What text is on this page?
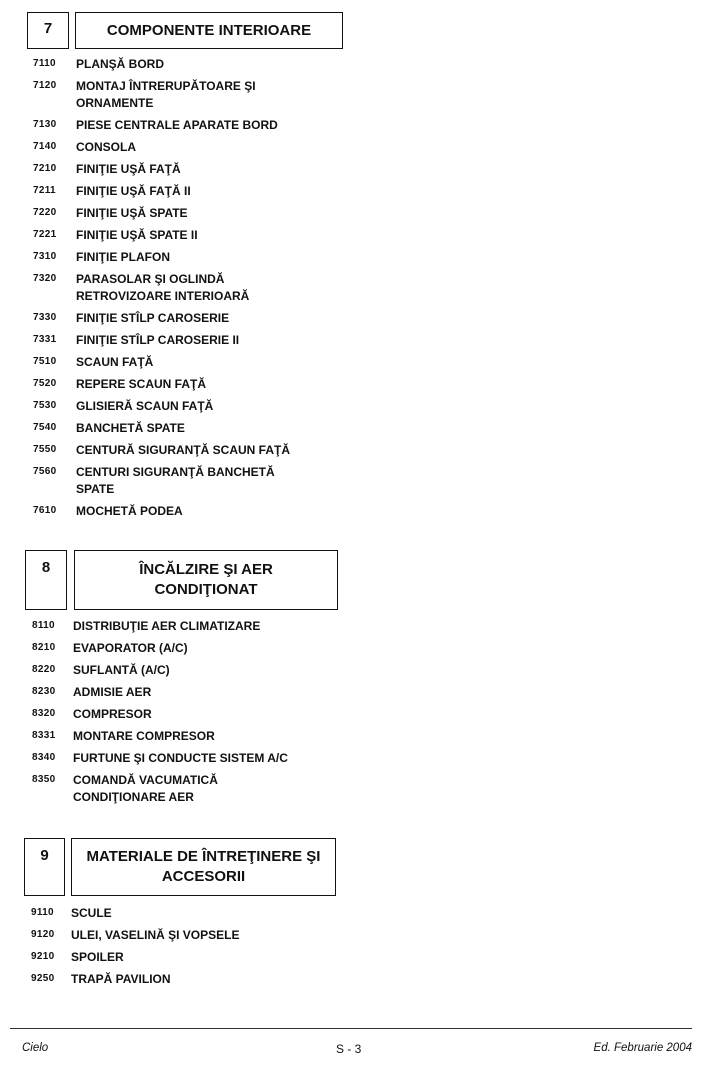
7	COMPONENTE INTERIOARE
7110 PLANŞĂ BORD
7120 MONTAJ ÎNTRERUPĂTOARE ŞI ORNAMENTE
7130 PIESE CENTRALE APARATE BORD
7140 CONSOLA
7210 FINIŢIE UŞĂ FAŢĂ
7211 FINIŢIE UŞĂ FAŢĂ II
7220 FINIŢIE UŞĂ SPATE
7221 FINIŢIE UŞĂ SPATE II
7310 FINIŢIE PLAFON
7320 PARASOLAR ŞI OGLINDĂ RETROVIZOARE INTERIOARĂ
7330 FINIŢIE STÎLP CAROSERIE
7331 FINIŢIE STÎLP CAROSERIE II
7510 SCAUN FAŢĂ
7520 REPERE SCAUN FAŢĂ
7530 GLISIERĂ SCAUN FAŢĂ
7540 BANCHETĂ SPATE
7550 CENTURĂ SIGURANŢĂ SCAUN FAŢĂ
7560 CENTURI SIGURANŢĂ BANCHETĂ SPATE
7610 MOCHETĂ PODEA
8	ÎNCĂLZIRE ŞI AER CONDIŢIONAT
8110 DISTRIBUŢIE AER CLIMATIZARE
8210 EVAPORATOR (A/C)
8220 SUFLANTĂ (A/C)
8230 ADMISIE AER
8320 COMPRESOR
8331 MONTARE COMPRESOR
8340 FURTUNE ŞI CONDUCTE SISTEM A/C
8350 COMANDĂ VACUMATICĂ CONDIŢIONARE AER
9	MATERIALE DE ÎNTREŢINERE ŞI ACCESORII
9110 SCULE
9120 ULEI, VASELINĂ ŞI VOPSELE
9210 SPOILER
9250 TRAPĂ PAVILION
Cielo	S - 3	Ed. Februarie 2004
